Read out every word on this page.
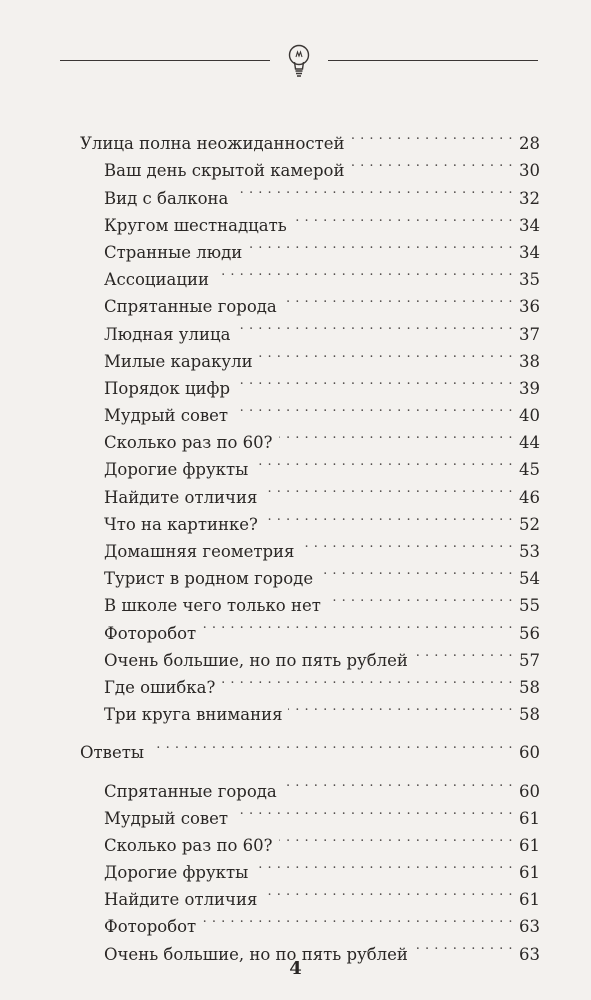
Улица полна неожиданностей . . .	28
Ваш день скрытой камерой . . .	30
Вид с балкона . . .	32
Кругом шестнадцать . . .	34
Странные люди . . .	34
Ассоциации . . .	35
Спрятанные города . . .	36
Людная улица . . .	37
Милые каракули . . .	38
Порядок цифр . . .	39
Мудрый совет . . .	40
Сколько раз по 60? . . .	44
Дорогие фрукты . . .	45
Найдите отличия . . .	46
Что на картинке? . . .	52
Домашняя геометрия . . .	53
Турист в родном городе . . .	54
В школе чего только нет . . .	55
Фоторобот . . .	56
Очень большие, но по пять рублей . . .	57
Где ошибка? . . .	58
Три круга внимания . . .	58
Ответы . . .	60
Спрятанные города . . .	60
Мудрый совет . . .	61
Сколько раз по 60? . . .	61
Дорогие фрукты . . .	61
Найдите отличия . . .	61
Фоторобот . . .	63
Очень большие, но по пять рублей . . .	63
4
